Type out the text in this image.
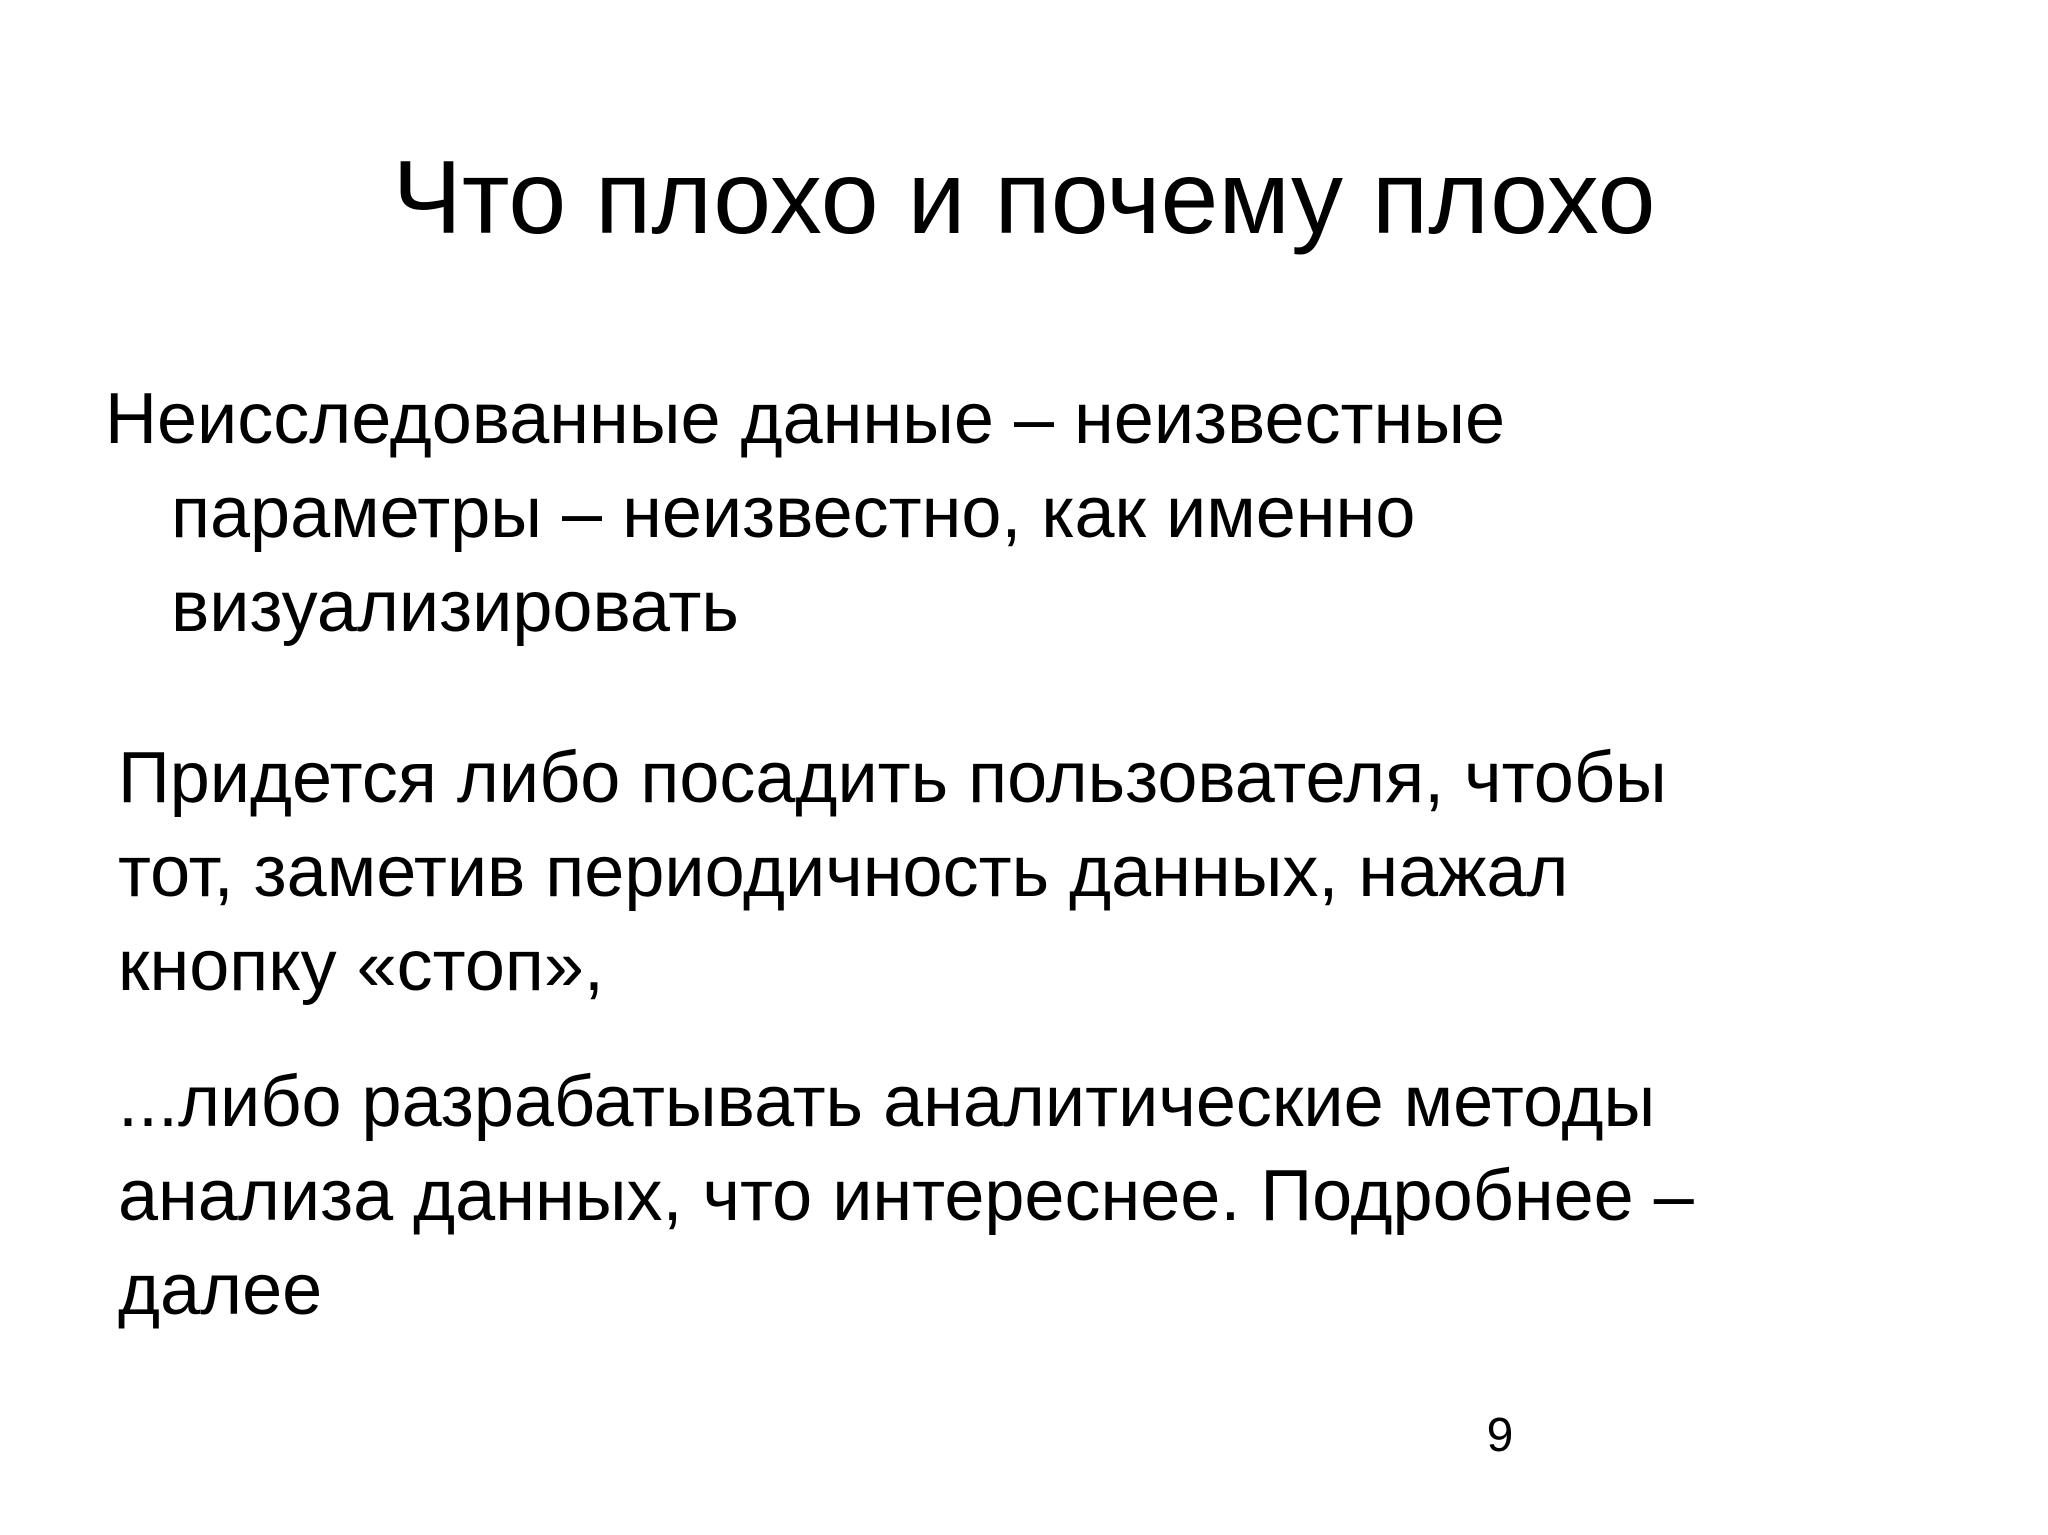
Что плохо и почему плохо
Неисследованные данные – неизвестные
параметры – неизвестно, как именно
визуализировать
Придется либо посадить пользователя, чтобы
тот, заметив периодичность данных, нажал
кнопку «стоп»,
...либо разрабатывать аналитические методы
анализа данных, что интереснее. Подробнее –
далее
9
